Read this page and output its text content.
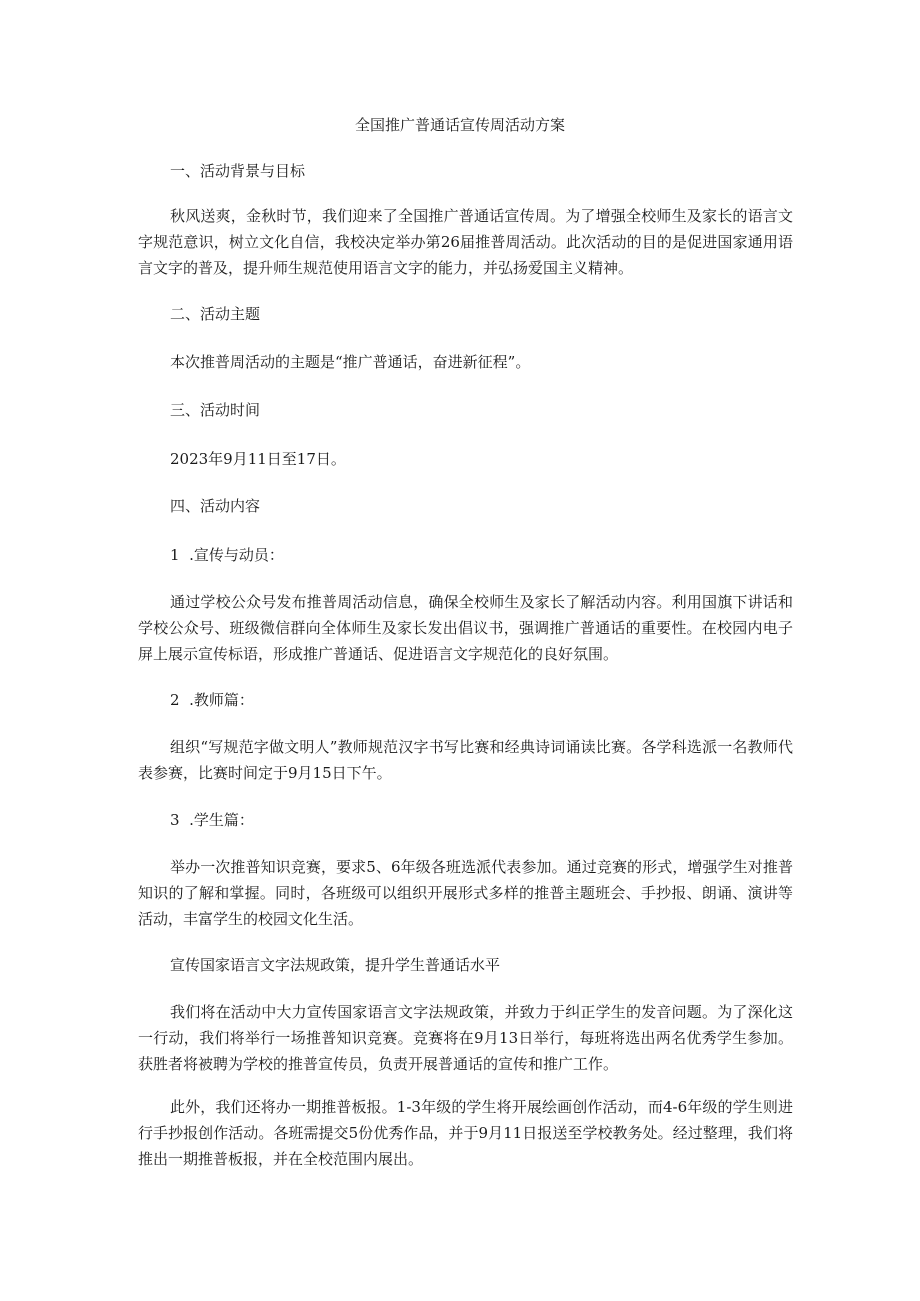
全国推广普通话宣传周活动方案
一、活动背景与目标
秋风送爽，金秋时节，我们迎来了全国推广普通话宣传周。为了增强全校师生及家长的语言文字规范意识，树立文化自信，我校决定举办第26届推普周活动。此次活动的目的是促进国家通用语言文字的普及，提升师生规范使用语言文字的能力，并弘扬爱国主义精神。
二、活动主题
本次推普周活动的主题是“推广普通话，奋进新征程”。
三、活动时间
2023年9月11日至17日。
四、活动内容
1  .宣传与动员：
通过学校公众号发布推普周活动信息，确保全校师生及家长了解活动内容。利用国旗下讲话和学校公众号、班级微信群向全体师生及家长发出倡议书，强调推广普通话的重要性。在校园内电子屏上展示宣传标语，形成推广普通话、促进语言文字规范化的良好氛围。
2  .教师篇：
组织“写规范字做文明人”教师规范汉字书写比赛和经典诗词诵读比赛。各学科选派一名教师代表参赛，比赛时间定于9月15日下午。
3  .学生篇：
举办一次推普知识竞赛，要求5、6年级各班选派代表参加。通过竞赛的形式，增强学生对推普知识的了解和掌握。同时，各班级可以组织开展形式多样的推普主题班会、手抄报、朗诵、演讲等活动，丰富学生的校园文化生活。
宣传国家语言文字法规政策，提升学生普通话水平
我们将在活动中大力宣传国家语言文字法规政策，并致力于纠正学生的发音问题。为了深化这一行动，我们将举行一场推普知识竞赛。竞赛将在9月13日举行，每班将选出两名优秀学生参加。获胜者将被聘为学校的推普宣传员，负责开展普通话的宣传和推广工作。
此外，我们还将办一期推普板报。1-3年级的学生将开展绘画创作活动，而4-6年级的学生则进行手抄报创作活动。各班需提交5份优秀作品，并于9月11日报送至学校教务处。经过整理，我们将推出一期推普板报，并在全校范围内展出。
